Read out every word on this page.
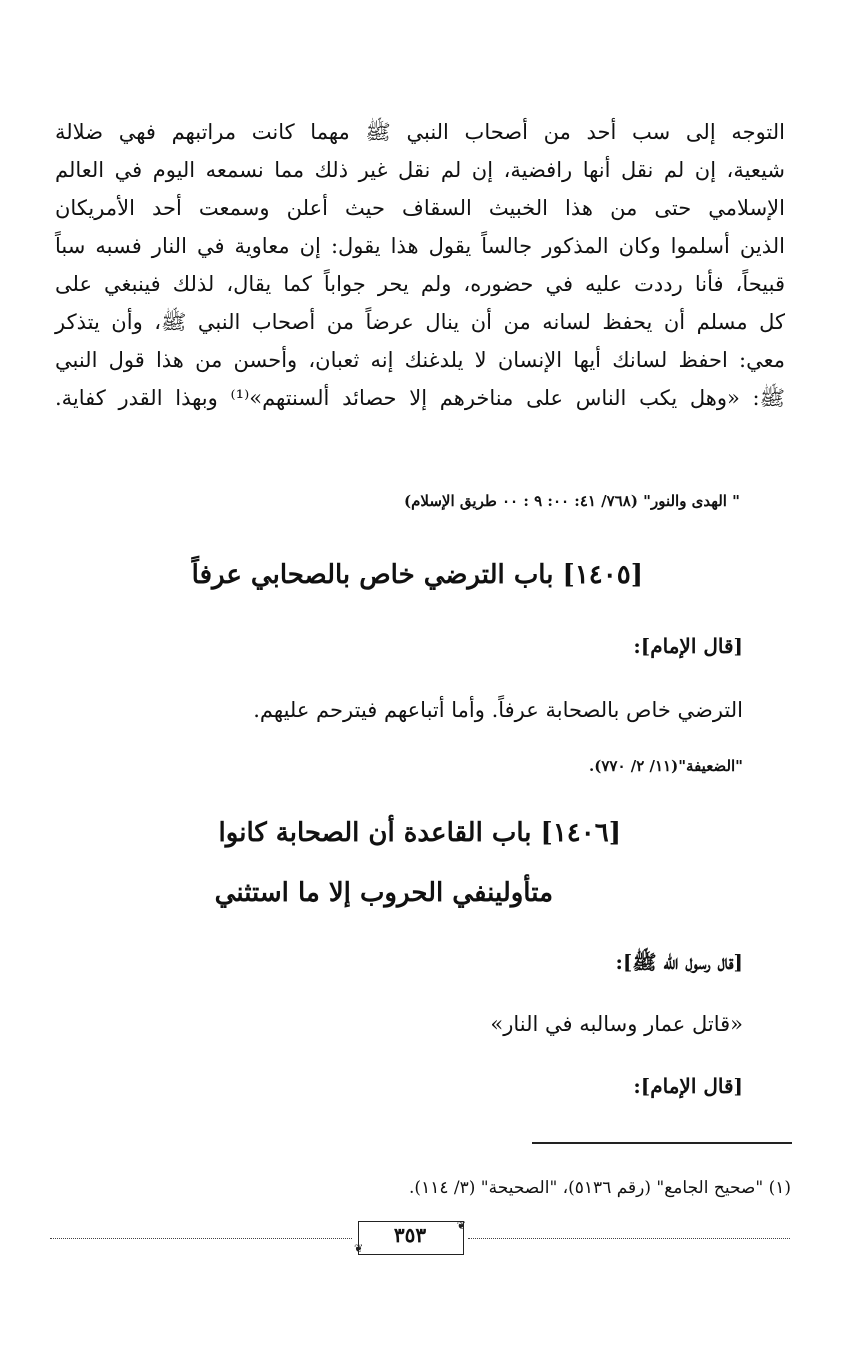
التوجه إلى سب أحد من أصحاب النبي ﷺ مهما كانت مراتبهم فهي ضلالة
شيعية، إن لم نقل أنها رافضية، إن لم نقل غير ذلك مما نسمعه اليوم في العالم
الإسلامي حتى من هذا الخبيث السقاف حيث أعلن وسمعت أحد الأمريكان
الذين أسلموا وكان المذكور جالساً يقول هذا يقول: إن معاوية في النار فسبه سباً
قبيحاً، فأنا رددت عليه في حضوره، ولم يحر جواباً كما يقال، لذلك فينبغي على
كل مسلم أن يحفظ لسانه من أن ينال عرضاً من أصحاب النبي ﷺ، وأن يتذكر
معي: احفظ لسانك أيها الإنسان لا يلدغنك إنه ثعبان، وأحسن من هذا قول النبي
ﷺ: «وهل يكب الناس على مناخرهم إلا حصائد ألسنتهم»⁽¹⁾ وبهذا القدر كفاية.
" الهدى والنور" (٧٦٨/ ٤١: ٠٠: ٩ : ٠٠ طريق الإسلام)
[١٤٠٥] باب الترضي خاص بالصحابي عرفاً
[قال الإمام]:
الترضي خاص بالصحابة عرفاً. وأما أتباعهم فيترحم عليهم.
"الضعيفة"(١١/ ٢/ ٧٧٠).
[١٤٠٦] باب القاعدة أن الصحابة كانوا
متأولينفي الحروب إلا ما استثني
[قال رسول الله ﷺ]:
«قاتل عمار وسالبه في النار»
[قال الإمام]:
(١) "صحيح الجامع" (رقم ٥١٣٦)، "الصحيحة" (٣/ ١١٤).
❦
❦
٣٥٣
